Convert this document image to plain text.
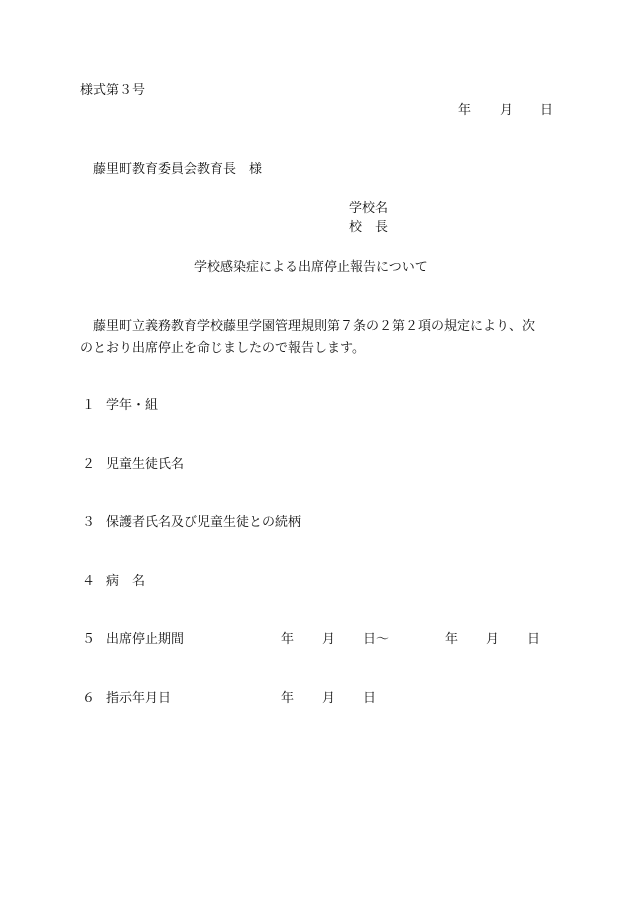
様式第３号
年 月 日
藤里町教育委員会教育長　様
学校名
校　長
学校感染症による出席停止報告について
藤里町立義務教育学校藤里学園管理規則第７条の２第２項の規定により、次
のとおり出席停止を命じましたので報告します。
１ 学年・組
２ 児童生徒氏名
３ 保護者氏名及び児童生徒との続柄
４ 病　名
５ 出席停止期間	年 月 日～	年 月 日
６ 指示年月日	年 月 日
